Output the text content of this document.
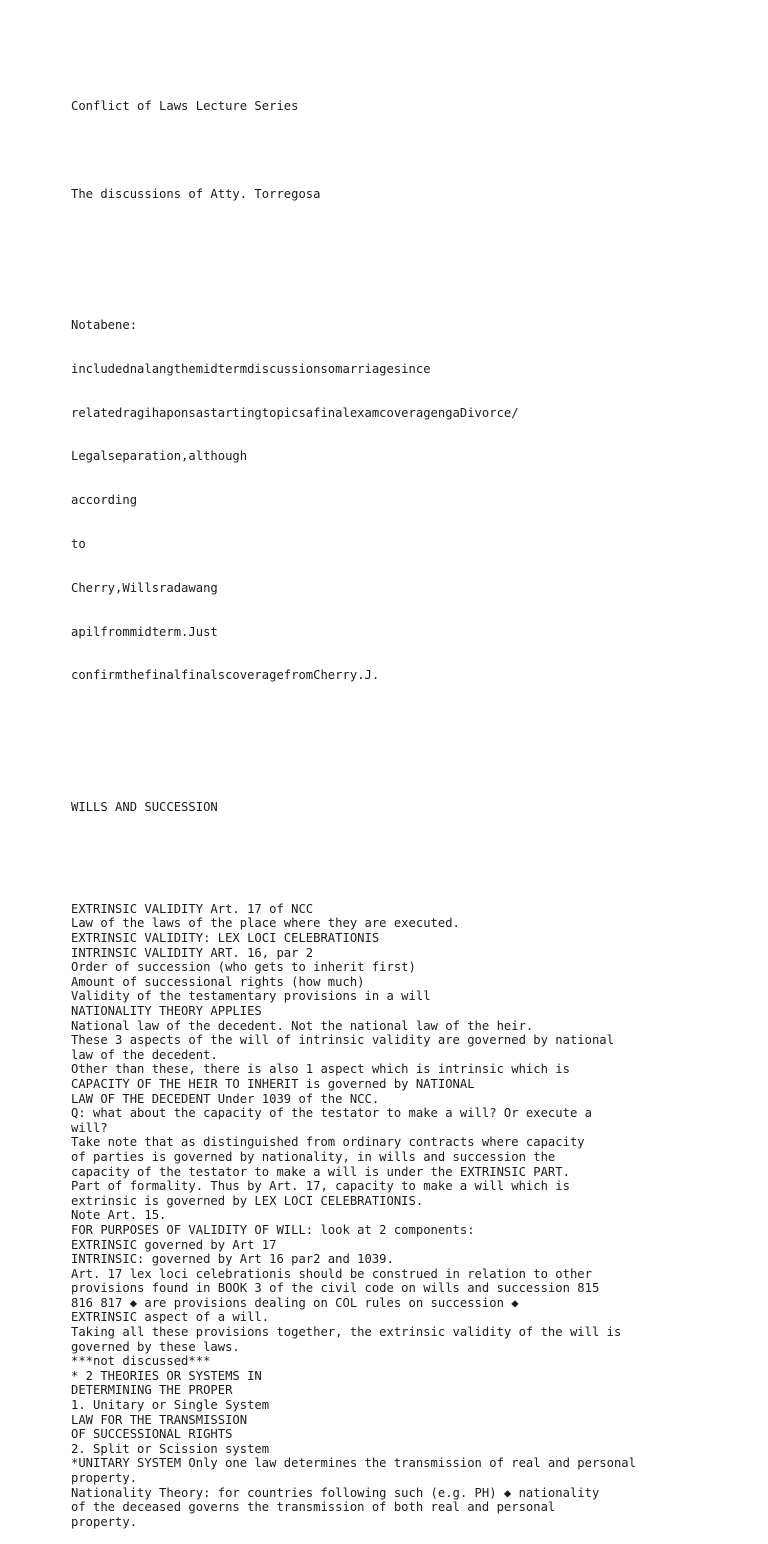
Conflict of Laws Lecture Series

The discussions of Atty. Torregosa

Notabene:

includednalangthemidtermdiscussionsomarriagesince

relatedragihaponsastartingtopicsafinalexamcoveragengaDivorce/

Legalseparation,although

according

to

Cherry,Willsradawang

apilfrommidterm.Just

confirmthefinalfinalscoveragefromCherry.J.

WILLS AND SUCCESSION

EXTRINSIC VALIDITY Art. 17 of NCC
Law of the laws of the place where they are executed.
EXTRINSIC VALIDITY: LEX LOCI CELEBRATIONIS
INTRINSIC VALIDITY ART. 16, par 2
Order of succession (who gets to inherit first)
Amount of successional rights (how much)
Validity of the testamentary provisions in a will
NATIONALITY THEORY APPLIES
National law of the decedent. Not the national law of the heir.
These 3 aspects of the will of intrinsic validity are governed by national
law of the decedent.
Other than these, there is also 1 aspect which is intrinsic which is
CAPACITY OF THE HEIR TO INHERIT is governed by NATIONAL
LAW OF THE DECEDENT Under 1039 of the NCC.
Q: what about the capacity of the testator to make a will? Or execute a
will?
Take note that as distinguished from ordinary contracts where capacity
of parties is governed by nationality, in wills and succession the
capacity of the testator to make a will is under the EXTRINSIC PART.
Part of formality. Thus by Art. 17, capacity to make a will which is
extrinsic is governed by LEX LOCI CELEBRATIONIS.
Note Art. 15.
FOR PURPOSES OF VALIDITY OF WILL: look at 2 components:
EXTRINSIC governed by Art 17
INTRINSIC: governed by Art 16 par2 and 1039.
Art. 17 lex loci celebrationis should be construed in relation to other
provisions found in BOOK 3 of the civil code on wills and succession 815
816 817 ◆ are provisions dealing on COL rules on succession ◆
EXTRINSIC aspect of a will.
Taking all these provisions together, the extrinsic validity of the will is
governed by these laws.
***not discussed***
* 2 THEORIES OR SYSTEMS IN
DETERMINING THE PROPER
1. Unitary or Single System
LAW FOR THE TRANSMISSION
OF SUCCESSIONAL RIGHTS
2. Split or Scission system
*UNITARY SYSTEM Only one law determines the transmission of real and personal
property.
Nationality Theory: for countries following such (e.g. PH) ◆ nationality
of the deceased governs the transmission of both real and personal
property.
